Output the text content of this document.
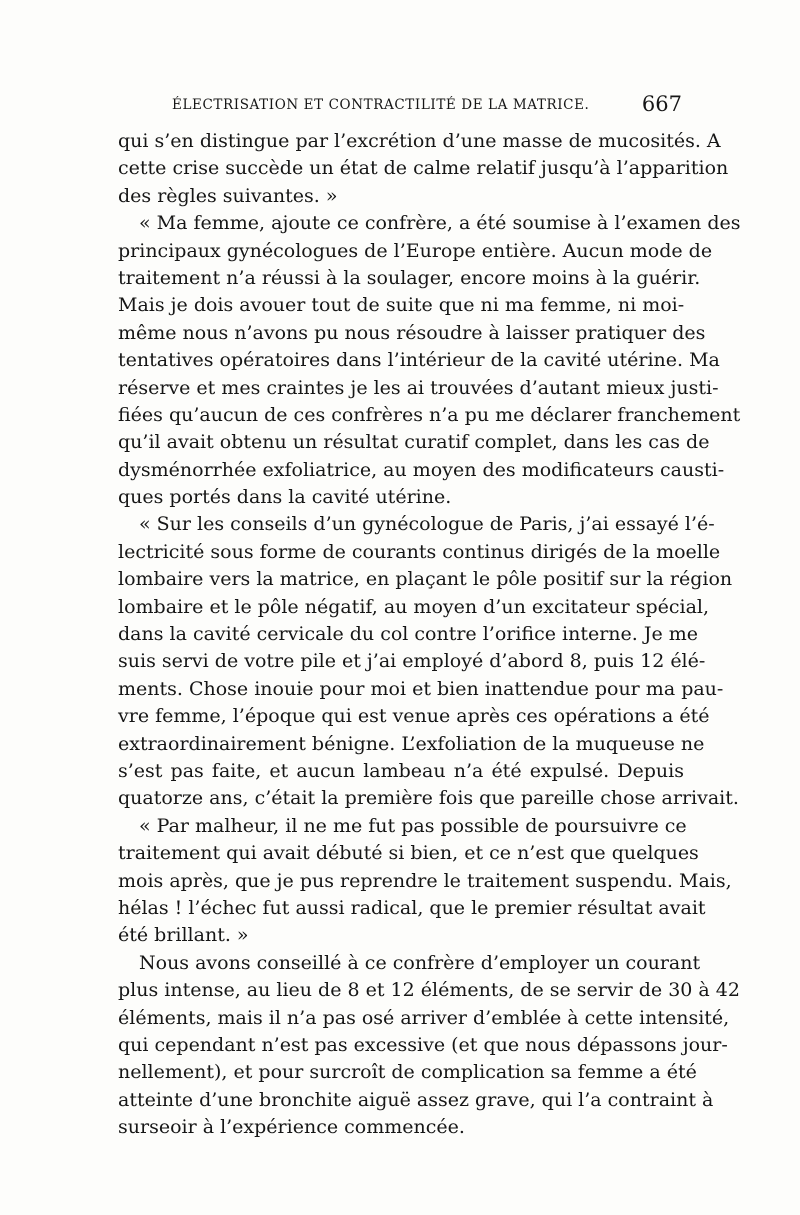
ÉLECTRISATION ET CONTRACTILITÉ DE LA MATRICE. 667
qui s’en distingue par l’excrétion d’une masse de mucosités. A
cette crise succède un état de calme relatif jusqu’à l’apparition
des règles suivantes. »
« Ma femme, ajoute ce confrère, a été soumise à l’examen des
principaux gynécologues de l’Europe entière. Aucun mode de
traitement n’a réussi à la soulager, encore moins à la guérir.
Mais je dois avouer tout de suite que ni ma femme, ni moi-
même nous n’avons pu nous résoudre à laisser pratiquer des
tentatives opératoires dans l’intérieur de la cavité utérine. Ma
réserve et mes craintes je les ai trouvées d’autant mieux justi-
fiées qu’aucun de ces confrères n’a pu me déclarer franchement
qu’il avait obtenu un résultat curatif complet, dans les cas de
dysménorrhée exfoliatrice, au moyen des modificateurs causti-
ques portés dans la cavité utérine.
« Sur les conseils d’un gynécologue de Paris, j’ai essayé l’é-
lectricité sous forme de courants continus dirigés de la moelle
lombaire vers la matrice, en plaçant le pôle positif sur la région
lombaire et le pôle négatif, au moyen d’un excitateur spécial,
dans la cavité cervicale du col contre l’orifice interne. Je me
suis servi de votre pile et j’ai employé d’abord 8, puis 12 élé-
ments. Chose inouie pour moi et bien inattendue pour ma pau-
vre femme, l’époque qui est venue après ces opérations a été
extraordinairement bénigne. L’exfoliation de la muqueuse ne
s’est pas faite, et aucun lambeau n’a été expulsé. Depuis
quatorze ans, c’était la première fois que pareille chose arrivait.
« Par malheur, il ne me fut pas possible de poursuivre ce
traitement qui avait débuté si bien, et ce n’est que quelques
mois après, que je pus reprendre le traitement suspendu. Mais,
hélas ! l’échec fut aussi radical, que le premier résultat avait
été brillant. »
Nous avons conseillé à ce confrère d’employer un courant
plus intense, au lieu de 8 et 12 éléments, de se servir de 30 à 42
éléments, mais il n’a pas osé arriver d’emblée à cette intensité,
qui cependant n’est pas excessive (et que nous dépassons jour-
nellement), et pour surcroît de complication sa femme a été
atteinte d’une bronchite aiguë assez grave, qui l’a contraint à
surseoir à l’expérience commencée.
